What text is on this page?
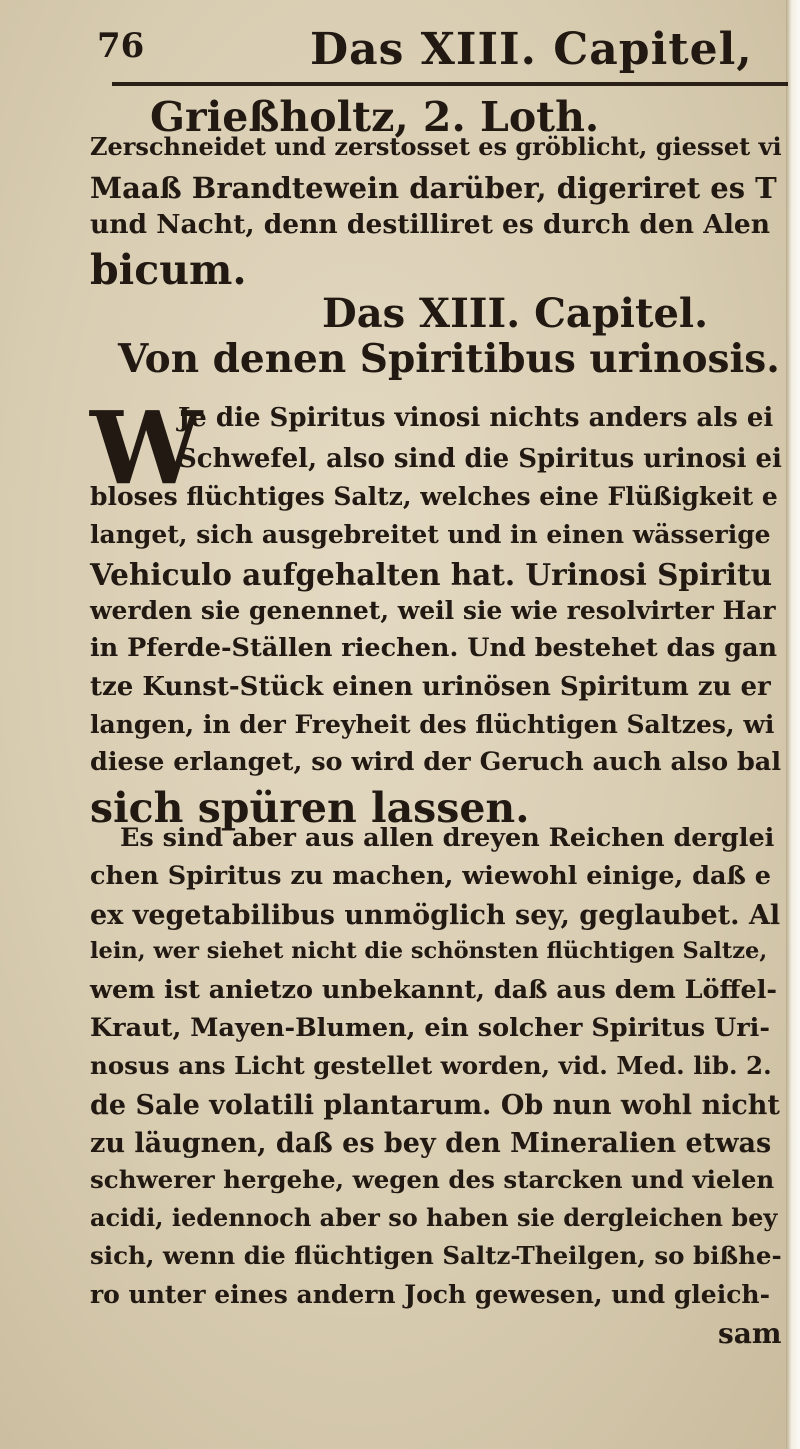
76	Das XIII. Capitel,
Grießholtz, 2. Loth.
Zerschneidet und zerstosset es gröblicht, giesset vi
Maaß Brandtewein darüber, digeriret es T
und Nacht, denn destilliret es durch den Alen
bicum.
Das XIII. Capitel.
Von denen Spiritibus urinosis.
W
Je die Spiritus vinosi nichts anders als ei
Schwefel, also sind die Spiritus urinosi ei
bloses flüchtiges Saltz, welches eine Flüßigkeit e
langet, sich ausgebreitet und in einen wässerige
Vehiculo aufgehalten hat. Urinosi Spiritu
werden sie genennet, weil sie wie resolvirter Har
in Pferde-Ställen riechen. Und bestehet das gan
tze Kunst-Stück einen urinösen Spiritum zu er
langen, in der Freyheit des flüchtigen Saltzes, wi
diese erlanget, so wird der Geruch auch also bal
sich spüren lassen.
Es sind aber aus allen dreyen Reichen derglei
chen Spiritus zu machen, wiewohl einige, daß e
ex vegetabilibus unmöglich sey, geglaubet. Al
lein, wer siehet nicht die schönsten flüchtigen Saltze,
wem ist anietzo unbekannt, daß aus dem Löffel-
Kraut, Mayen-Blumen, ein solcher Spiritus Uri-
nosus ans Licht gestellet worden, vid. Med. lib. 2.
de Sale volatili plantarum. Ob nun wohl nicht
zu läugnen, daß es bey den Mineralien etwas
schwerer hergehe, wegen des starcken und vielen
acidi, iedennoch aber so haben sie dergleichen bey
sich, wenn die flüchtigen Saltz-Theilgen, so bißhe-
ro unter eines andern Joch gewesen, und gleich-
sam
